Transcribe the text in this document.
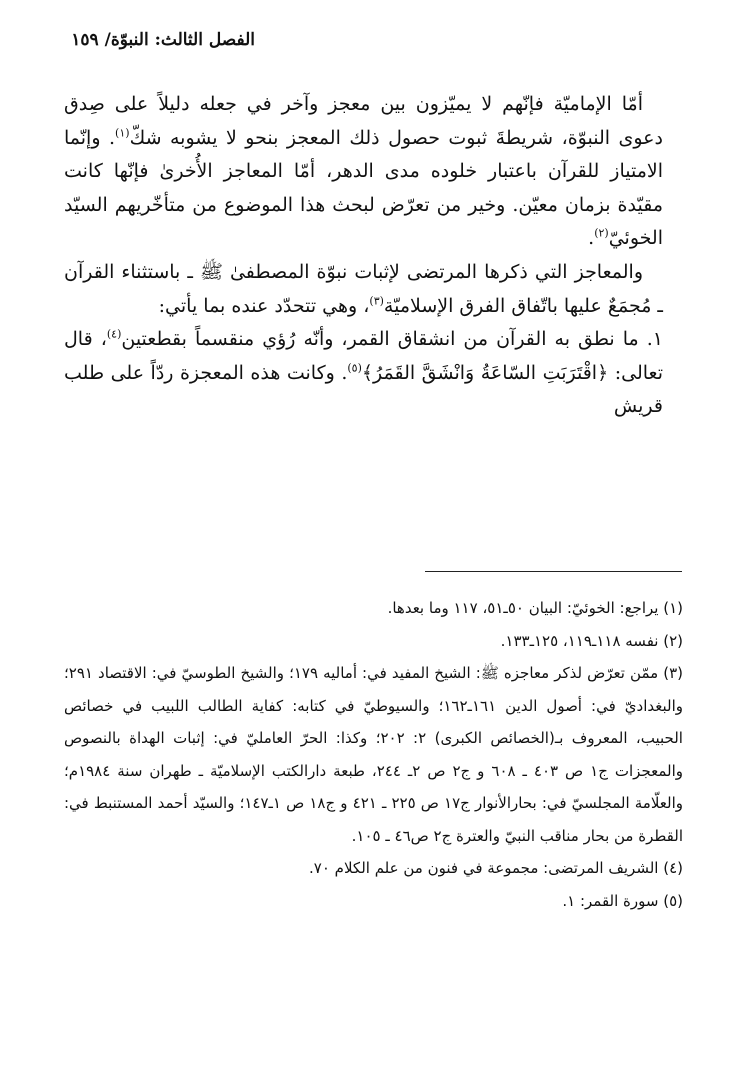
الفصل الثالث: النبوّة/ ١٥٩

أمّا الإماميّة فإنّهم لا يميّزون بين معجز وآخر في جعله دليلاً على صِدق دعوى النبوّة، شريطةَ ثبوت حصول ذلك المعجز بنحو لا يشوبه شكّ$^{(١)}$. وإنّما الامتياز للقرآن باعتبار خلوده مدى الدهر، أمّا المعاجز الأُخرىٰ فإنّها كانت مقيّدة بزمان معيّن. وخير من تعرّض لبحث هذا الموضوع من متأخّريهم السيّد الخوئيّ$^{(٢)}$.

والمعاجز التي ذكرها المرتضى لإثبات نبوّة المصطفىٰ ﷺ ـ باستثناء القرآن ـ مُجمَعٌ عليها باتّفاق الفرق الإسلاميّة$^{(٣)}$، وهي تتحدّد عنده بما يأتي:

١. ما نطق به القرآن من انشقاق القمر، وأنّه رُؤي منقسماً بقطعتين$^{(٤)}$، قال تعالى: ﴿اقْتَرَبَتِ السّاعَةُ وَانْشَقَّ القَمَرُ﴾$^{(٥)}$. وكانت هذه المعجزة ردّاً على طلب قريش

(١) يراجع: الخوئيّ: البيان ٥٠ـ٥١، ١١٧ وما بعدها.

(٢) نفسه ١١٨ـ١١٩، ١٢٥ـ١٣٣.

(٣) ممّن تعرّض لذكر معاجزه ﷺ: الشيخ المفيد في: أماليه ١٧٩؛ والشيخ الطوسيّ في: الاقتصاد ٢٩١؛ والبغداديّ في: أصول الدين ١٦١ـ١٦٢؛ والسيوطيّ في كتابه: كفاية الطالب اللبيب في خصائص الحبيب، المعروف بـ(الخصائص الكبرى) ٢: ٢٠٢؛ وكذا: الحرّ العامليّ في: إثبات الهداة بالنصوص والمعجزات ج١ ص ٤٠٣ ـ ٦٠٨ و ج٢ ص ٢ـ ٢٤٤، طبعة دارالكتب الإسلاميّة ـ طهران سنة ١٩٨٤م؛ والعلّامة المجلسيّ في: بحارالأنوار ج١٧ ص ٢٢٥ ـ ٤٢١ و ج١٨ ص ١ـ١٤٧؛ والسيّد أحمد المستنبط في: القطرة من بحار مناقب النبيّ والعترة ج٢ ص٤٦ ـ ١٠٥.

(٤) الشريف المرتضى: مجموعة في فنون من علم الكلام ٧٠.

(٥) سورة القمر: ١.
